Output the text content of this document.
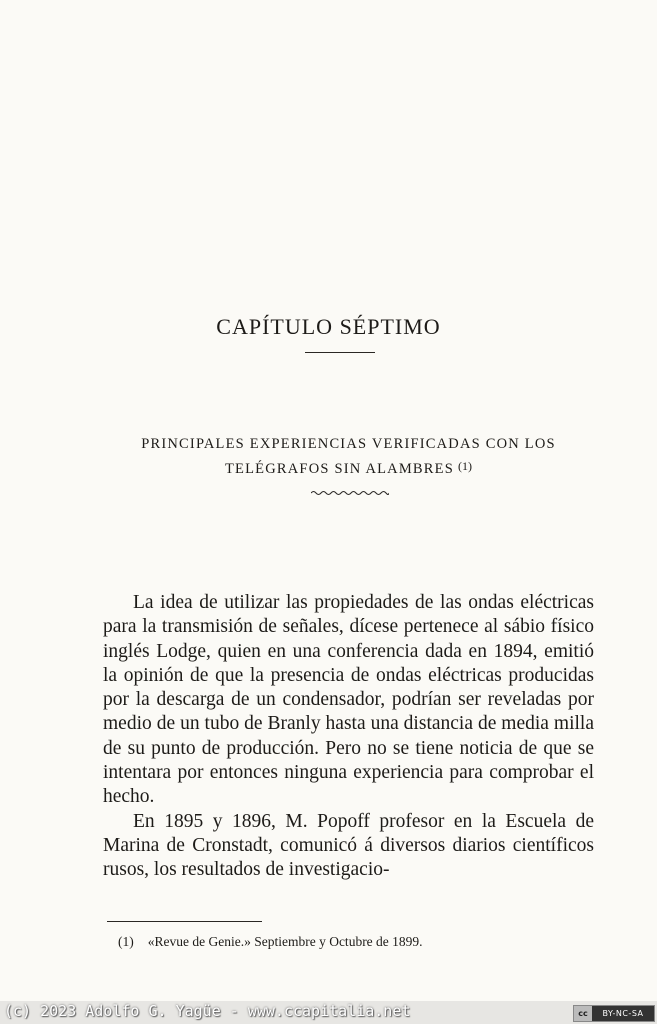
CAPÍTULO SÉPTIMO
PRINCIPALES EXPERIENCIAS VERIFICADAS CON LOS
TELÉGRAFOS SIN ALAMBRES $^{(1)}$

La idea de utilizar las propiedades de las ondas eléctricas para la transmisión de señales, dícese pertenece al sábio físico inglés Lodge, quien en una conferencia dada en 1894, emitió la opinión de que la presencia de ondas eléctricas producidas por la descarga de un condensador, podrían ser reveladas por medio de un tubo de Branly hasta una distancia de media milla de su punto de producción. Pero no se tiene noticia de que se intentara por entonces ninguna experiencia para comprobar el hecho.

En 1895 y 1896, M. Popoff profesor en la Escuela de Marina de Cronstadt, comunicó á diversos diarios científicos rusos, los resultados de investigacio-

(1) «Revue de Genie.» Septiembre y Octubre de 1899.
(c) 2023 Adolfo G. Yagüe - www.ccapitalia.net	cc	BY-NC-SA
